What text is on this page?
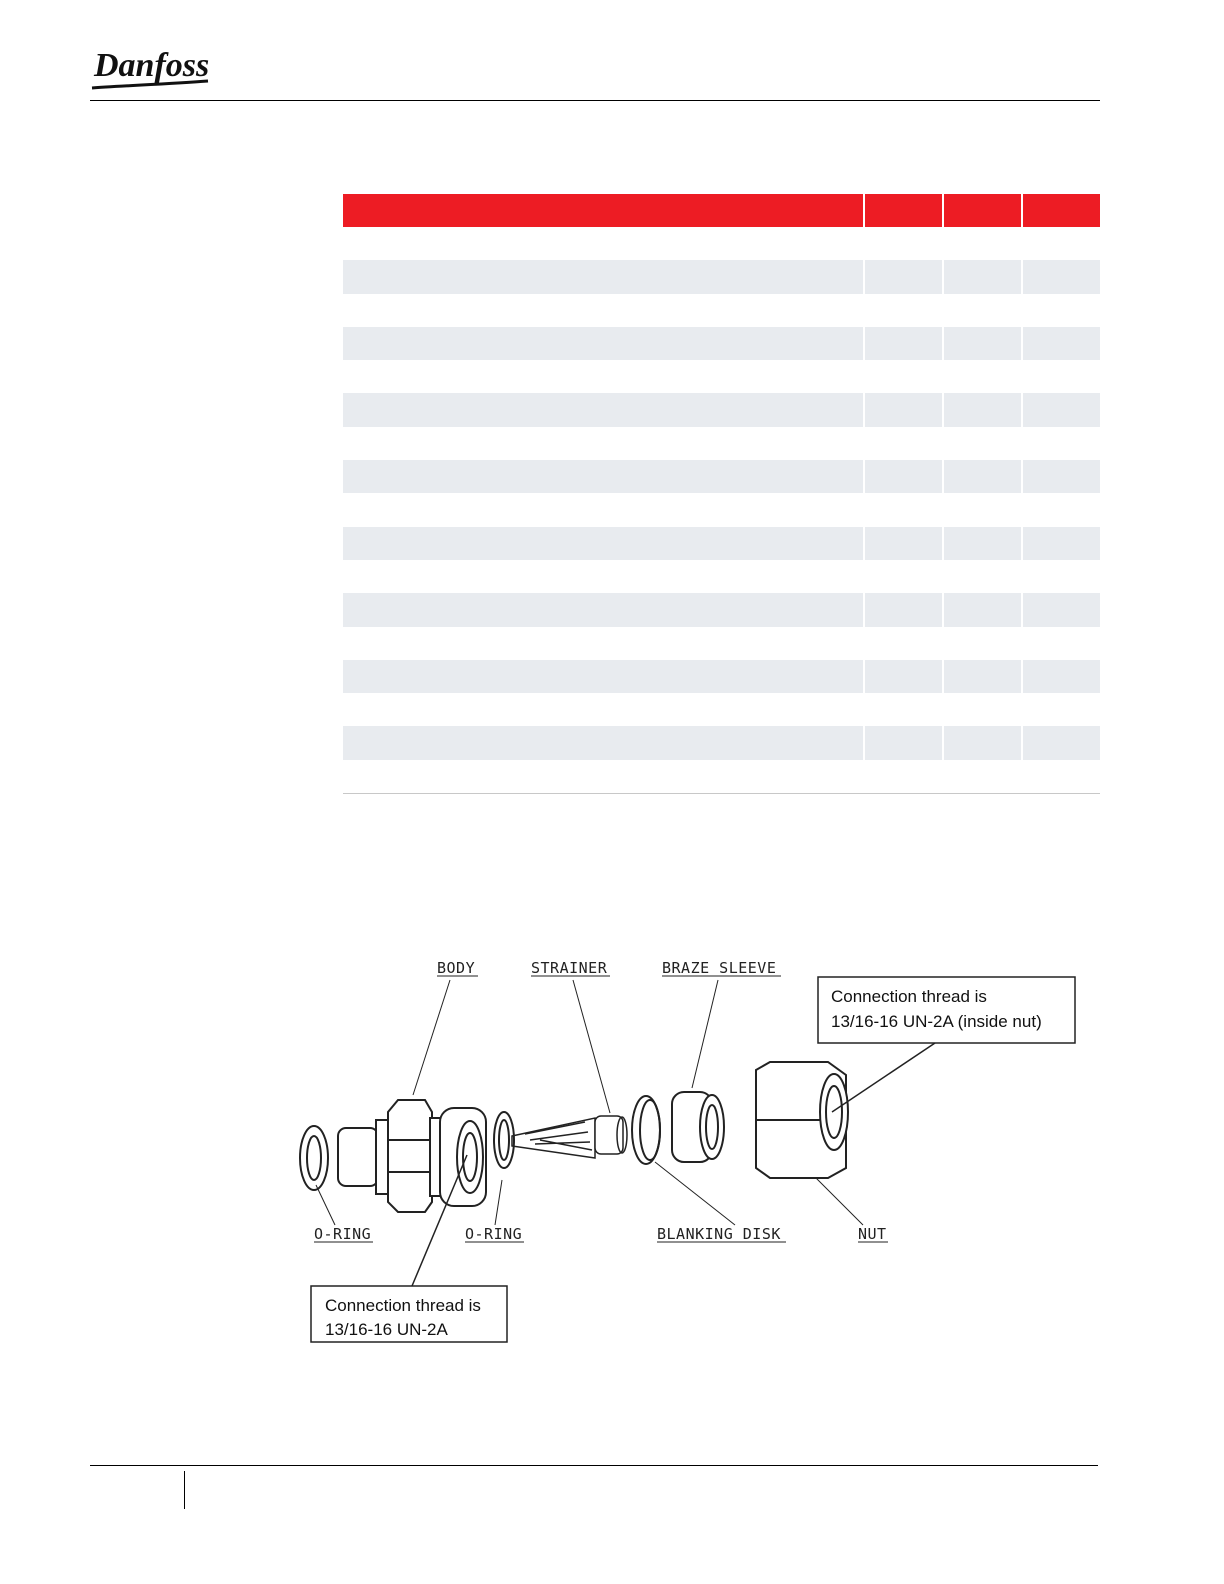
Danfoss
BODY	STRAINER	BRAZE SLEEVE
O-RING	O-RING	BLANKING DISK	NUT
Connection thread is
13/16-16 UN-2A (inside nut)
Connection thread is
13/16-16 UN-2A
